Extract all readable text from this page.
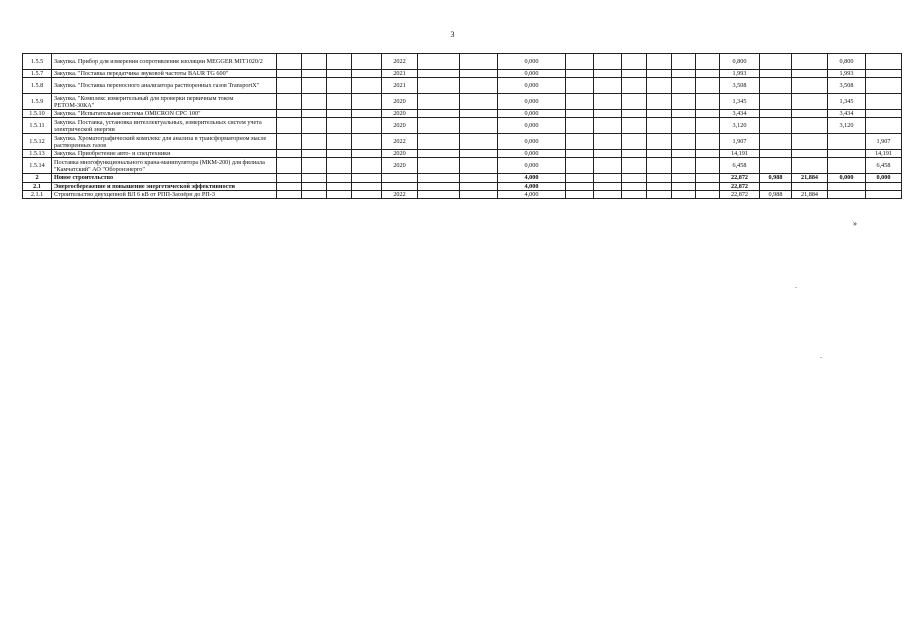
3
1.5.5	Закупка. Прибор для измерения сопротивления изоляции MEGGER MIT1020/2					2022			0,000							0,800			0,800	
1.5.7	Закупка. "Поставка передатчика звуковой частоты BAUR TG 600"					2021			0,000							1,993			1,993	
1.5.8	Закупка. "Поставка переносного анализатора растворенных газов TransportX"					2021			0,000							3,508			3,508	
1.5.9	Закупка. "Комплекс измерительный для проверки первичным током РЕТОМ-30КА"					2020			0,000							1,345			1,345	
1.5.10	Закупка. "Испытательная система OMICRON CPC 100"					2020			0,000							3,434			3,434	
1.5.11	Закупка. Поставка, установка интеллектуальных, измерительных систем учета электрической энергии					2020			0,000							3,120			3,120	
1.5.12	Закупка. Хроматографический комплекс для анализа в трансформаторном масле растворенных газов					2022			0,000							1,907				1,907
1.5.13	Закупка. Приобретение авто- и спецтехники					2020			0,000							14,191				14,191
1.5.14	Поставка многофункционального крана-манипулятора (МКМ-200) для филиала "Камчатский" АО "Оборонэнерго"					2020			0,000							6,458				6,458
2	Новое строительство								4,000							22,872	0,988	21,884	0,000	0,000
2.1	Энергосбережение и повышение энергетической эффективности								4,000							22,872				
2.1.1	Строительство двухцепной ВЛ 6 кВ от РПП-Заозёрн до РП-3					2022			4,000							22,872	0,988	21,884		
»
